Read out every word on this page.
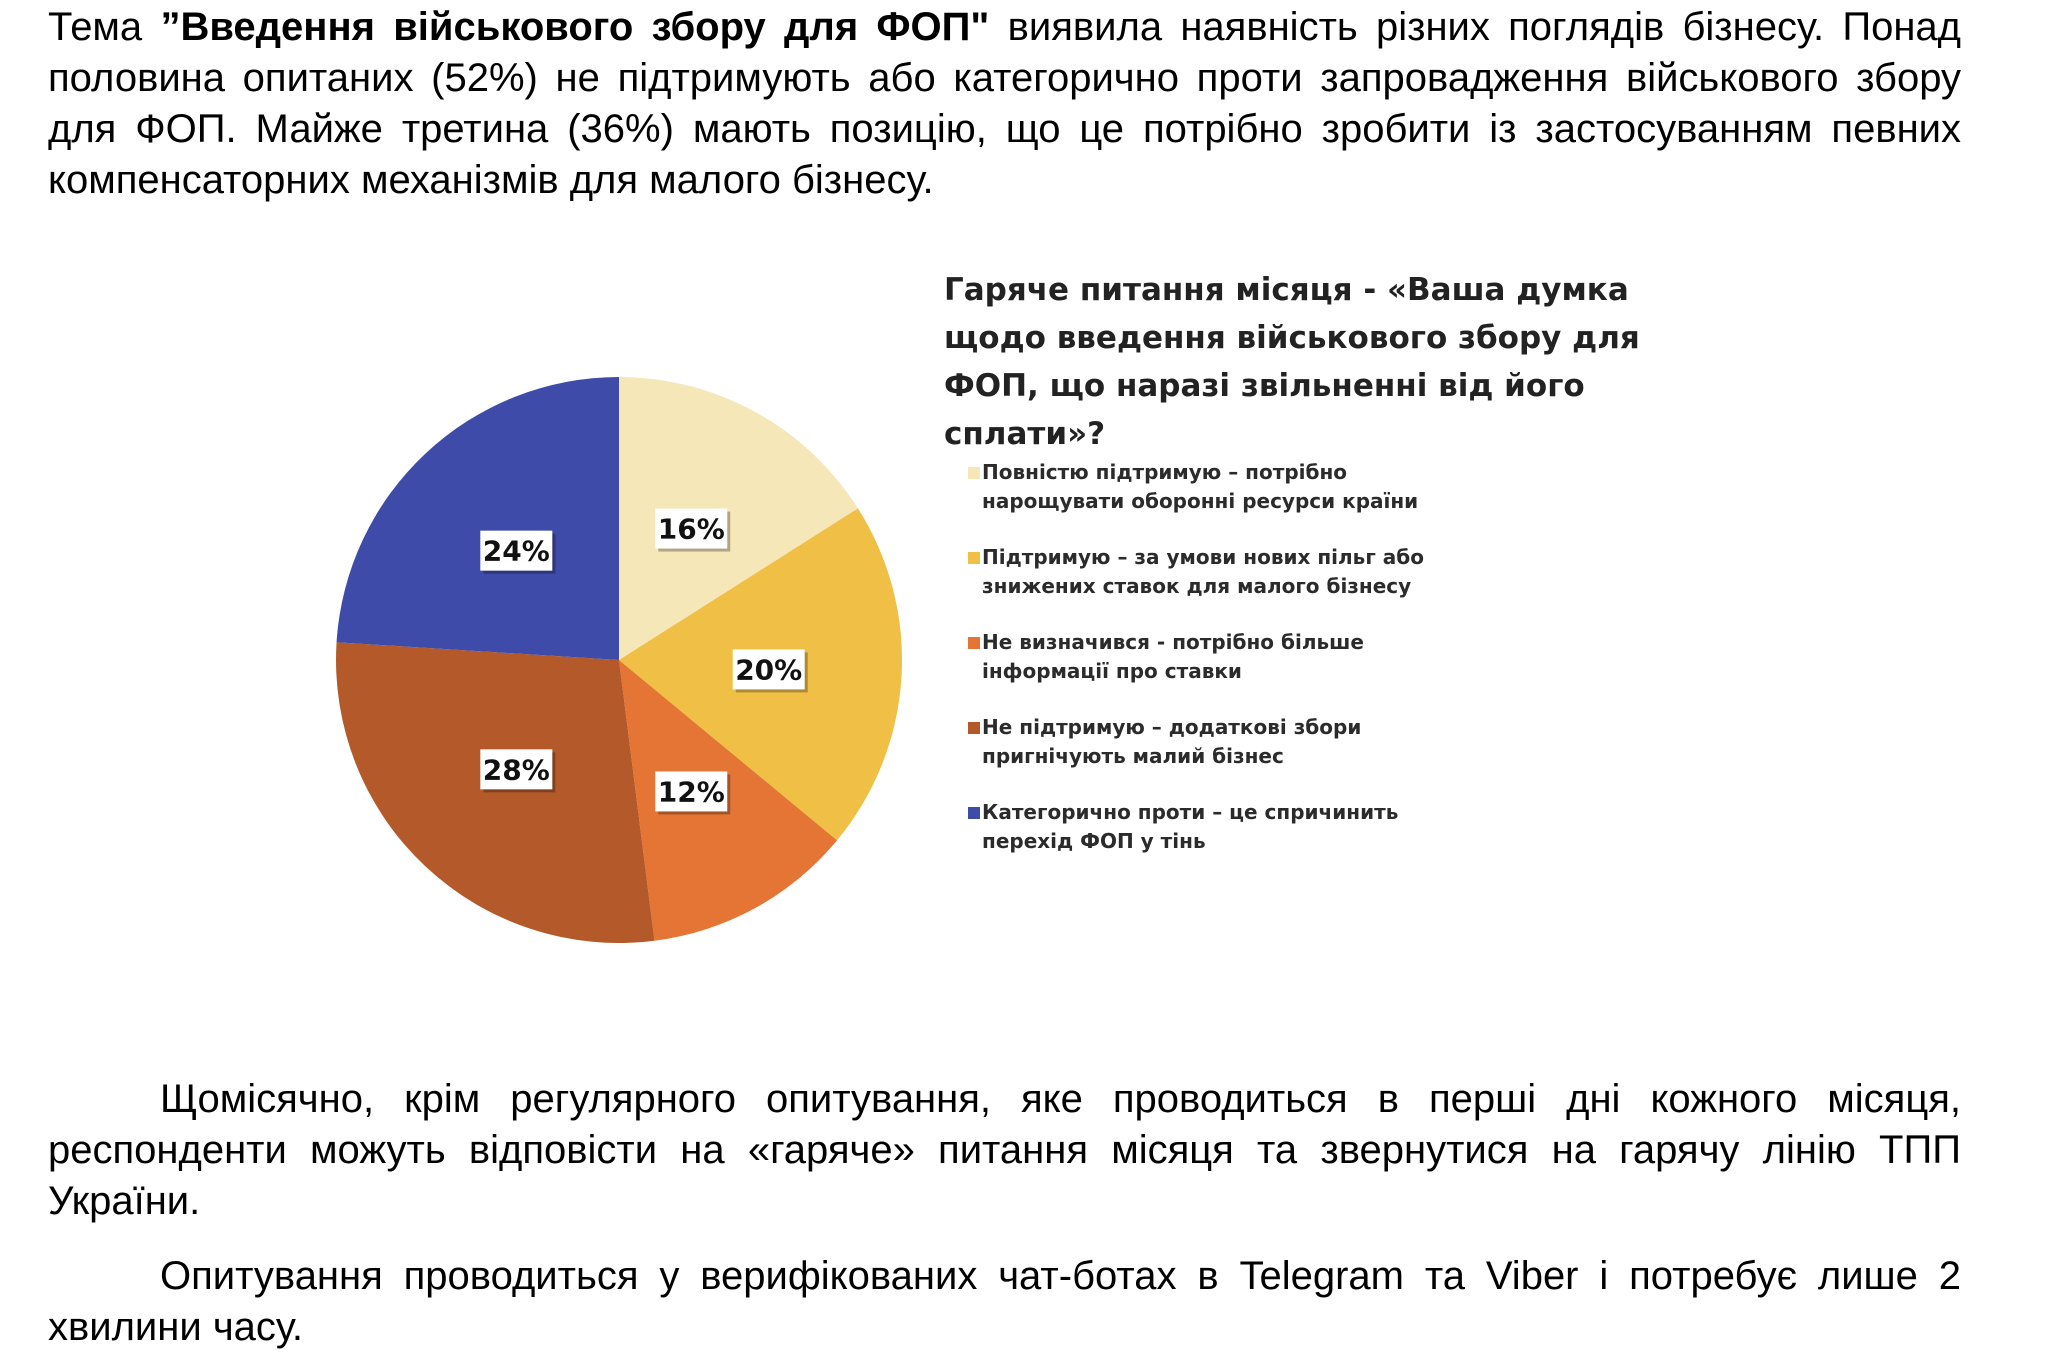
Тема ”Введення військового збору для ФОП" виявила наявність різних поглядів бізнесу. Понад половина опитаних (52%) не підтримують або категорично проти запровадження військового збору для ФОП. Майже третина (36%) мають позицію, що це потрібно зробити із застосуванням певних компенсаторних механізмів для малого бізнесу.

16%
20%
12%
28%
24%
Гаряче питання місяця - «Ваша думка щодо введення військового збору для ФОП, що наразі звільненні від його сплати»?
Повністю підтримую – потрібно нарощувати оборонні ресурси країни
Підтримую – за умови нових пільг або знижених ставок для малого бізнесу
Не визначився - потрібно більше інформації про ставки
Не підтримую – додаткові збори пригнічують малий бізнес
Категорично проти – це спричинить перехід ФОП у тінь

Щомісячно, крім регулярного опитування, яке проводиться в перші дні кожного місяця, респонденти можуть відповісти на «гаряче» питання місяця та звернутися на гарячу лінію ТПП України.

Опитування проводиться у верифікованих чат-ботах в Telegram та Viber і потребує лише 2 хвилини часу.
